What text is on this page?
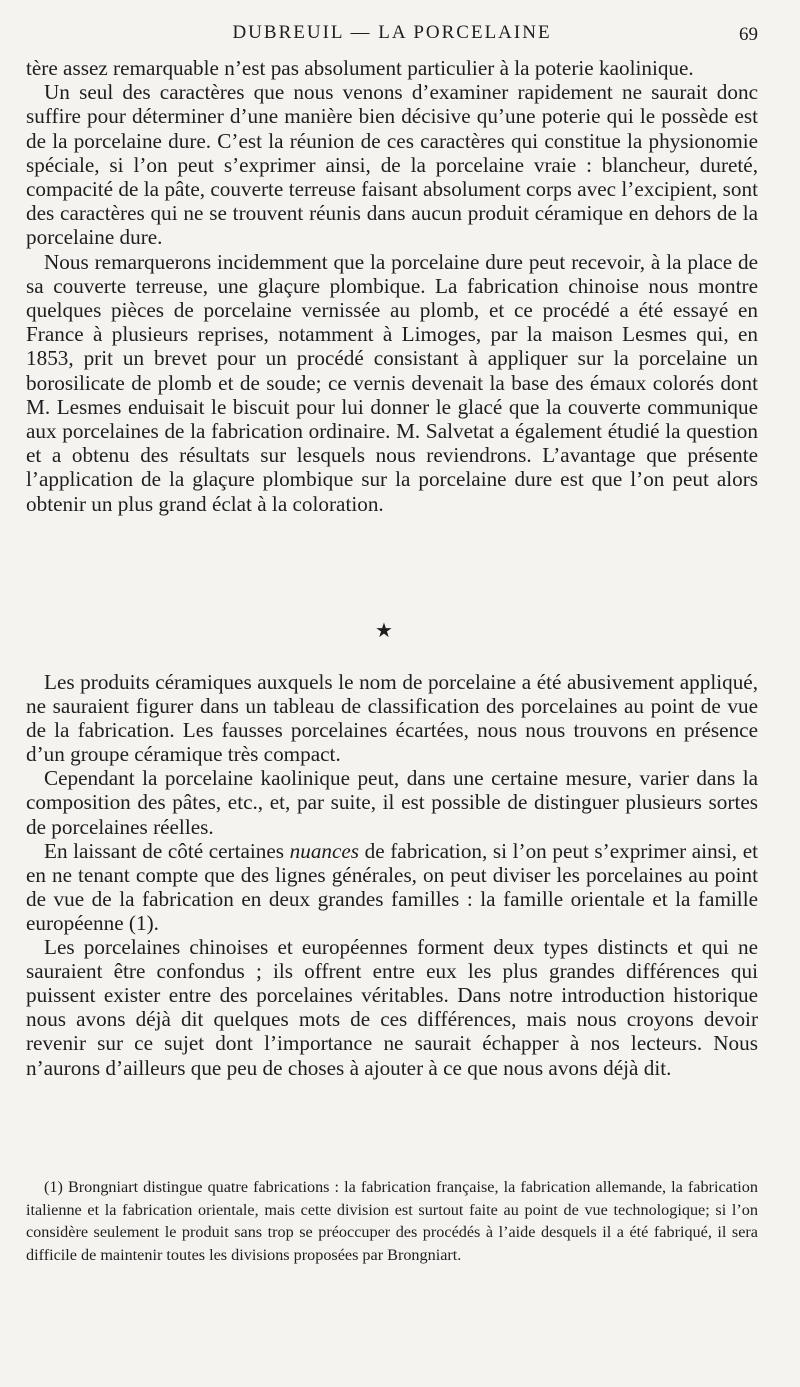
DUBREUIL — LA PORCELAINE	69

tère assez remarquable n’est pas absolument particulier à la poterie kaolinique.

Un seul des caractères que nous venons d’examiner rapidement ne saurait donc suffire pour déterminer d’une manière bien décisive qu’une poterie qui le possède est de la porcelaine dure. C’est la réunion de ces caractères qui constitue la physionomie spéciale, si l’on peut s’exprimer ainsi, de la porcelaine vraie : blancheur, dureté, compacité de la pâte, couverte terreuse faisant absolument corps avec l’excipient, sont des caractères qui ne se trouvent réunis dans aucun produit céramique en dehors de la porcelaine dure.

Nous remarquerons incidemment que la porcelaine dure peut recevoir, à la place de sa couverte terreuse, une glaçure plombique. La fabrication chinoise nous montre quelques pièces de porcelaine vernissée au plomb, et ce procédé a été essayé en France à plusieurs reprises, notamment à Limoges, par la maison Lesmes qui, en 1853, prit un brevet pour un procédé consistant à appliquer sur la porcelaine un borosilicate de plomb et de soude; ce vernis devenait la base des émaux colorés dont M. Lesmes enduisait le biscuit pour lui donner le glacé que la couverte communique aux porcelaines de la fabrication ordinaire. M. Salvetat a également étudié la question et a obtenu des résultats sur lesquels nous reviendrons. L’avantage que présente l’application de la glaçure plombique sur la porcelaine dure est que l’on peut alors obtenir un plus grand éclat à la coloration.

★

Les produits céramiques auxquels le nom de porcelaine a été abusivement appliqué, ne sauraient figurer dans un tableau de classification des porcelaines au point de vue de la fabrication. Les fausses porcelaines écartées, nous nous trouvons en présence d’un groupe céramique très compact.

Cependant la porcelaine kaolinique peut, dans une certaine mesure, varier dans la composition des pâtes, etc., et, par suite, il est possible de distinguer plusieurs sortes de porcelaines réelles.

En laissant de côté certaines nuances de fabrication, si l’on peut s’exprimer ainsi, et en ne tenant compte que des lignes générales, on peut diviser les porcelaines au point de vue de la fabrication en deux grandes familles : la famille orientale et la famille européenne (1).

Les porcelaines chinoises et européennes forment deux types distincts et qui ne sauraient être confondus ; ils offrent entre eux les plus grandes différences qui puissent exister entre des porcelaines véritables. Dans notre introduction historique nous avons déjà dit quelques mots de ces différences, mais nous croyons devoir revenir sur ce sujet dont l’importance ne saurait échapper à nos lecteurs. Nous n’aurons d’ailleurs que peu de choses à ajouter à ce que nous avons déjà dit.

(1) Brongniart distingue quatre fabrications : la fabrication française, la fabrication allemande, la fabrication italienne et la fabrication orientale, mais cette division est surtout faite au point de vue technologique; si l’on considère seulement le produit sans trop se préoccuper des procédés à l’aide desquels il a été fabriqué, il sera difficile de maintenir toutes les divisions proposées par Brongniart.
